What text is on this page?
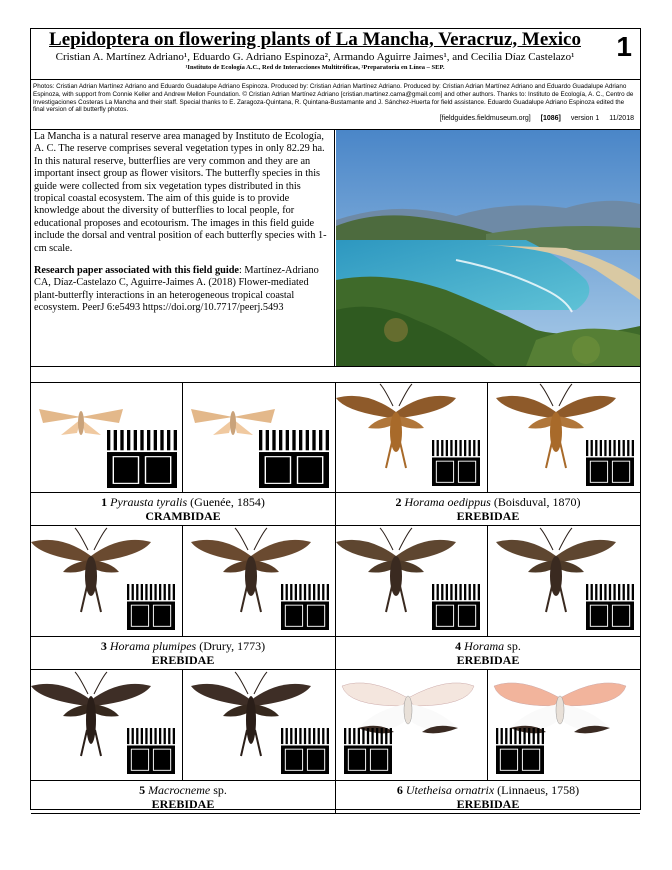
Lepidoptera on flowering plants of La Mancha, Veracruz, Mexico
Cristian A. Martínez Adriano¹, Eduardo G. Adriano Espinoza², Armando Aguirre Jaimes¹, and Cecilia Díaz Castelazo¹
¹Instituto de Ecología A.C., Red de Interacciones Multitróficas, ²Preparatoria en Línea – SEP.
1
Photos: Cristian Adrian Martínez Adriano and Eduardo Guadalupe Adriano Espinoza. Produced by: Cristian Adrian Martínez Adriano. Produced by: Cristian Adrian Martínez Adriano and Eduardo Guadalupe Adriano Espinoza, with support from Connie Keller and Andrew Mellon Foundation. © Cristian Adrian Martínez Adriano [cristian.martinez.cama@gmail.com] and other authors. Thanks to: Instituto de Ecología, A. C., Centro de Investigaciones Costeras La Mancha and their staff. Special thanks to E. Zaragoza-Quintana, R. Quintana-Bustamante and J. Sánchez-Huerta for field assistance. Eduardo Guadalupe Adriano Espinoza edited the final version of all butterfly photos.
[fieldguides.fieldmuseum.org] [1086] version 1 11/2018

La Mancha is a natural reserve area managed by Instituto de Ecología, A. C. The reserve comprises several vegetation types in only 82.29 ha. In this natural reserve, butterflies are very common and they are an important insect group as flower visitors. The butterfly species in this guide were collected from six vegetation types distributed in this tropical coastal ecosystem. The aim of this guide is to provide knowledge about the diversity of butterflies to local people, for educational proposes and ecotourism. The images in this field guide include the dorsal and ventral position of each butterfly species with 1-cm scale.

Research paper associated with this field guide: Martínez-Adriano CA, Díaz-Castelazo C, Aguirre-Jaimes A. (2018) Flower-mediated plant-butterfly interactions in an heterogeneous tropical coastal ecosystem. PeerJ 6:e5493 https://doi.org/10.7717/peerj.5493

1 Pyrausta tyralis (Guenée, 1854)
CRAMBIDAE
2 Horama oedippus (Boisduval, 1870)
EREBIDAE
3 Horama plumipes (Drury, 1773)
EREBIDAE
4 Horama sp.
EREBIDAE
5 Macrocneme sp.
EREBIDAE
6 Utetheisa ornatrix (Linnaeus, 1758)
EREBIDAE
